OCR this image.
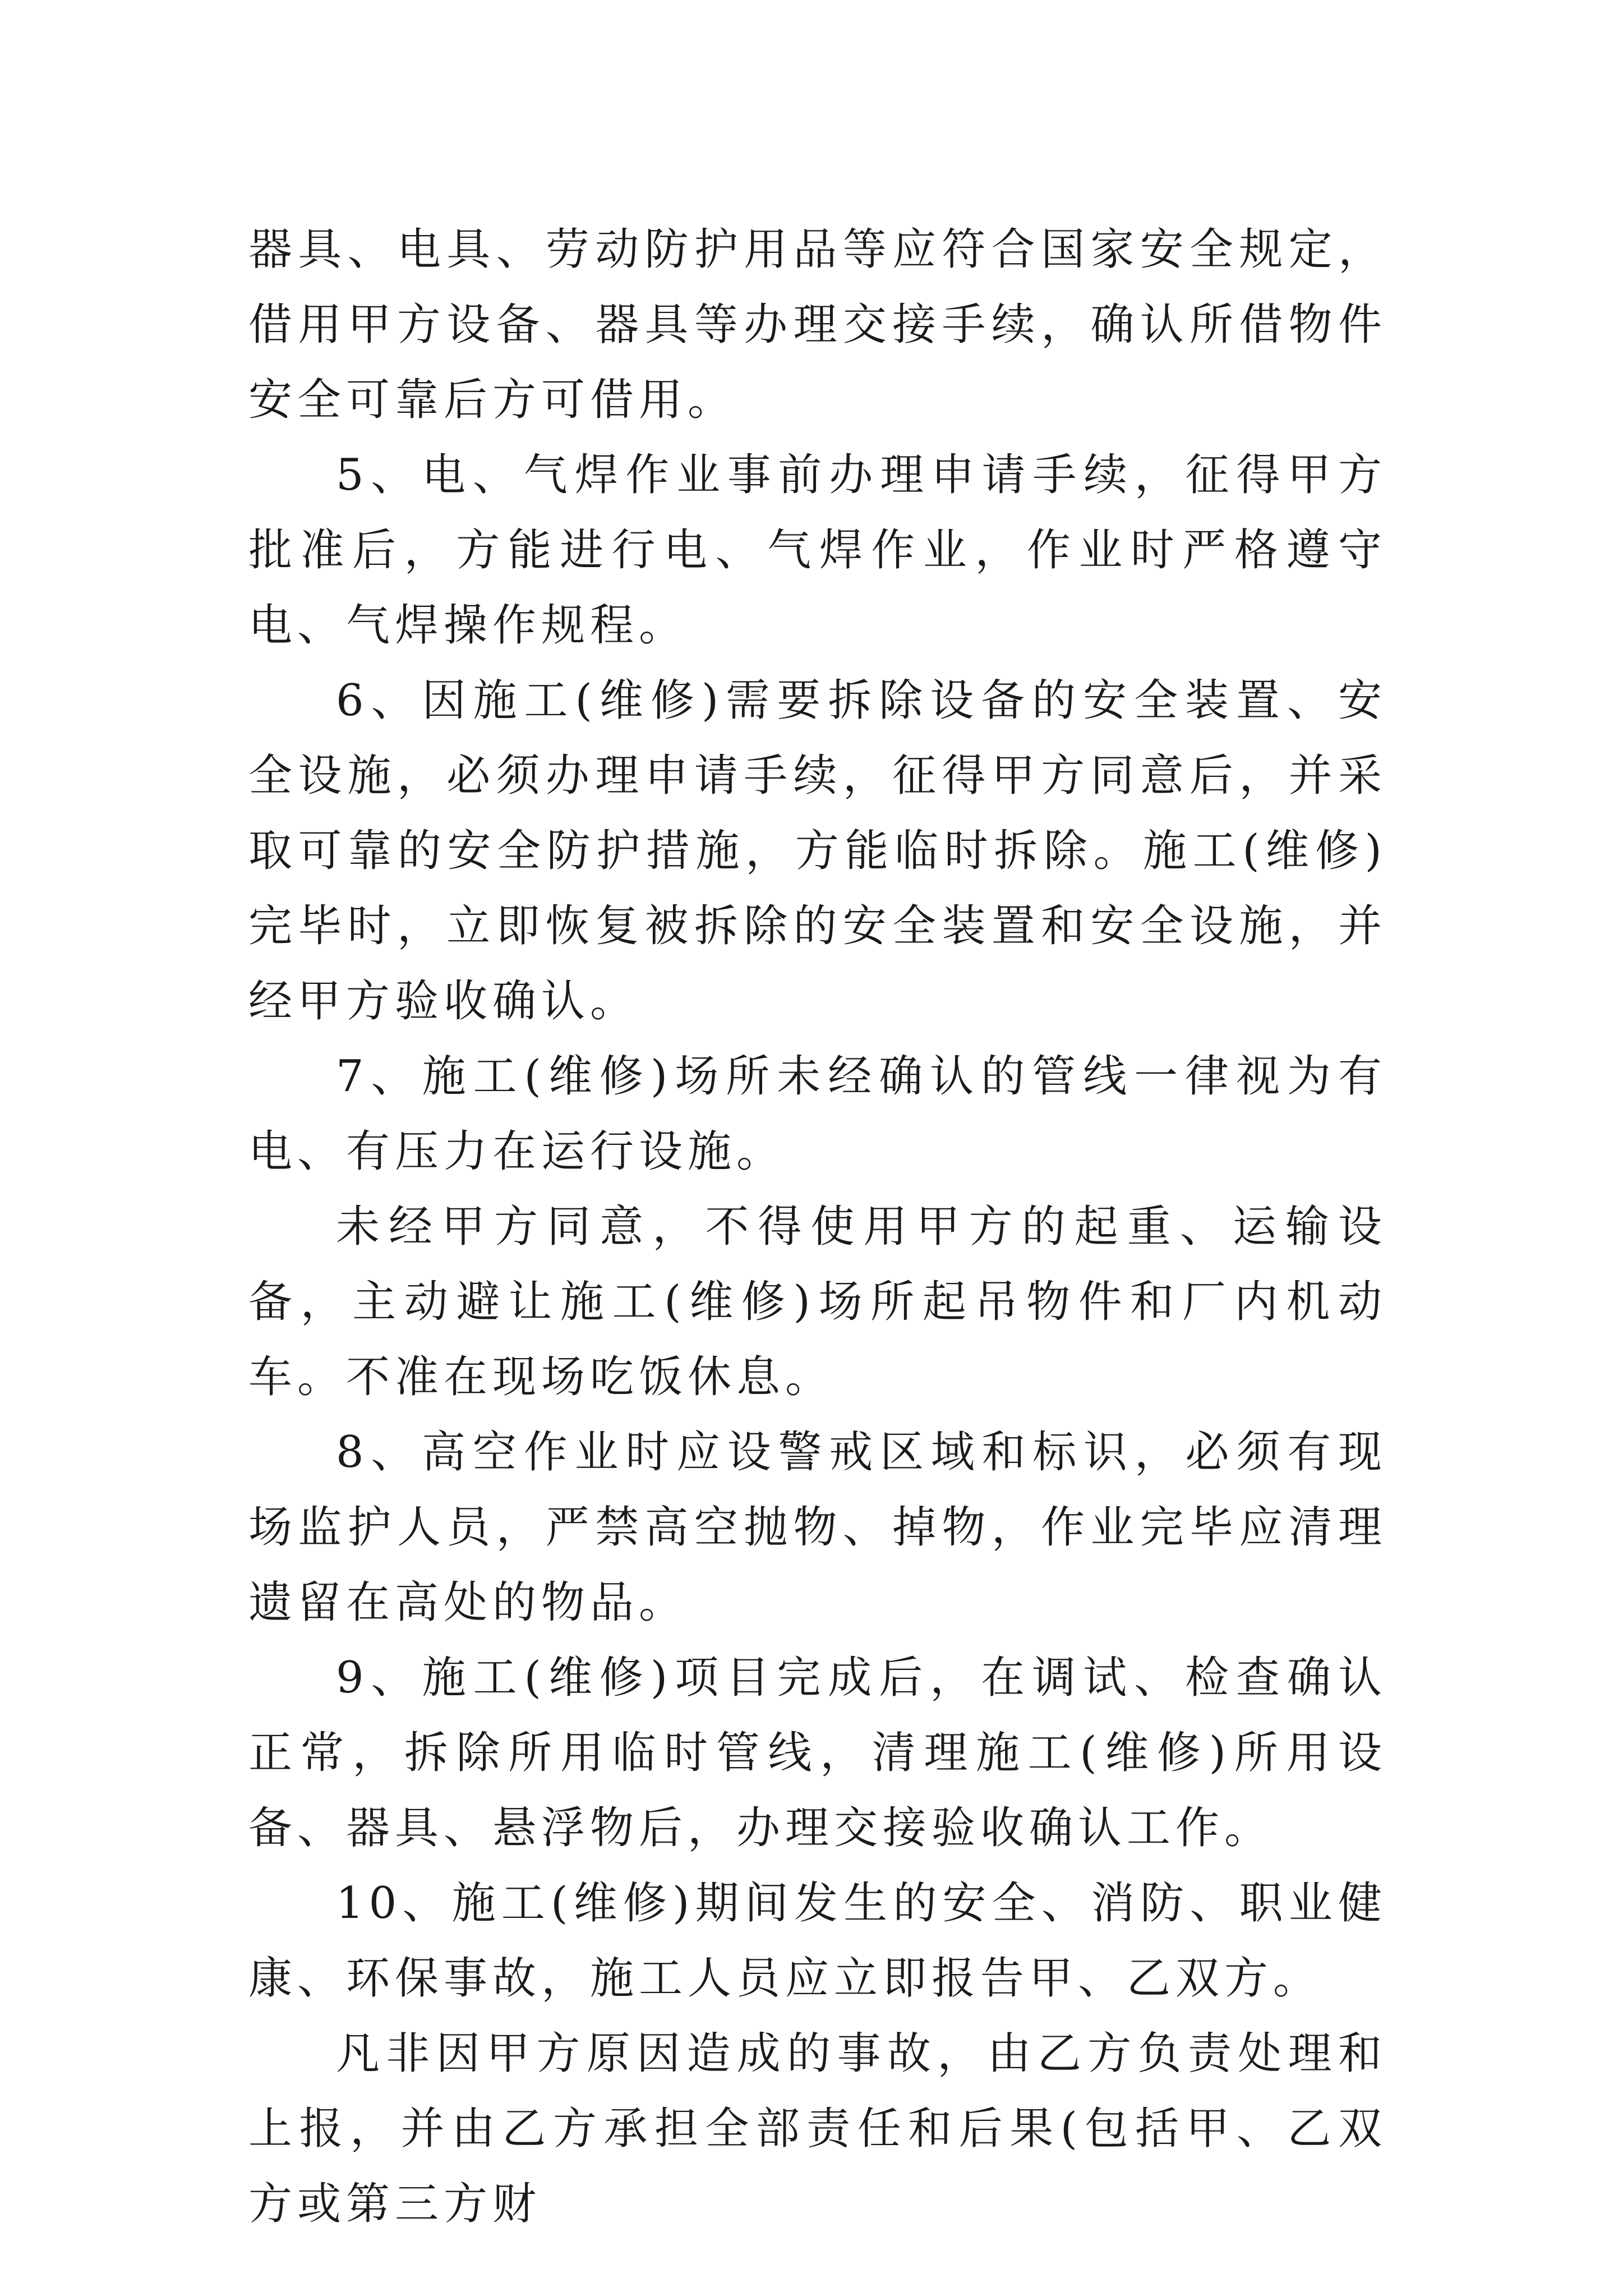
器具、电具、劳动防护用品等应符合国家安全规定，借用甲方设备、器具等办理交接手续，确认所借物件安全可靠后方可借用。

5、电、气焊作业事前办理申请手续，征得甲方批准后，方能进行电、气焊作业，作业时严格遵守电、气焊操作规程。

6、因施工(维修)需要拆除设备的安全装置、安全设施，必须办理申请手续，征得甲方同意后，并采取可靠的安全防护措施，方能临时拆除。施工(维修)完毕时，立即恢复被拆除的安全装置和安全设施，并经甲方验收确认。

7、施工(维修)场所未经确认的管线一律视为有电、有压力在运行设施。

未经甲方同意，不得使用甲方的起重、运输设备，主动避让施工(维修)场所起吊物件和厂内机动车。不准在现场吃饭休息。

8、高空作业时应设警戒区域和标识，必须有现场监护人员，严禁高空抛物、掉物，作业完毕应清理遗留在高处的物品。

9、施工(维修)项目完成后，在调试、检查确认正常，拆除所用临时管线，清理施工(维修)所用设备、器具、悬浮物后，办理交接验收确认工作。

10、施工(维修)期间发生的安全、消防、职业健康、环保事故，施工人员应立即报告甲、乙双方。

凡非因甲方原因造成的事故，由乙方负责处理和上报，并由乙方承担全部责任和后果(包括甲、乙双方或第三方财
